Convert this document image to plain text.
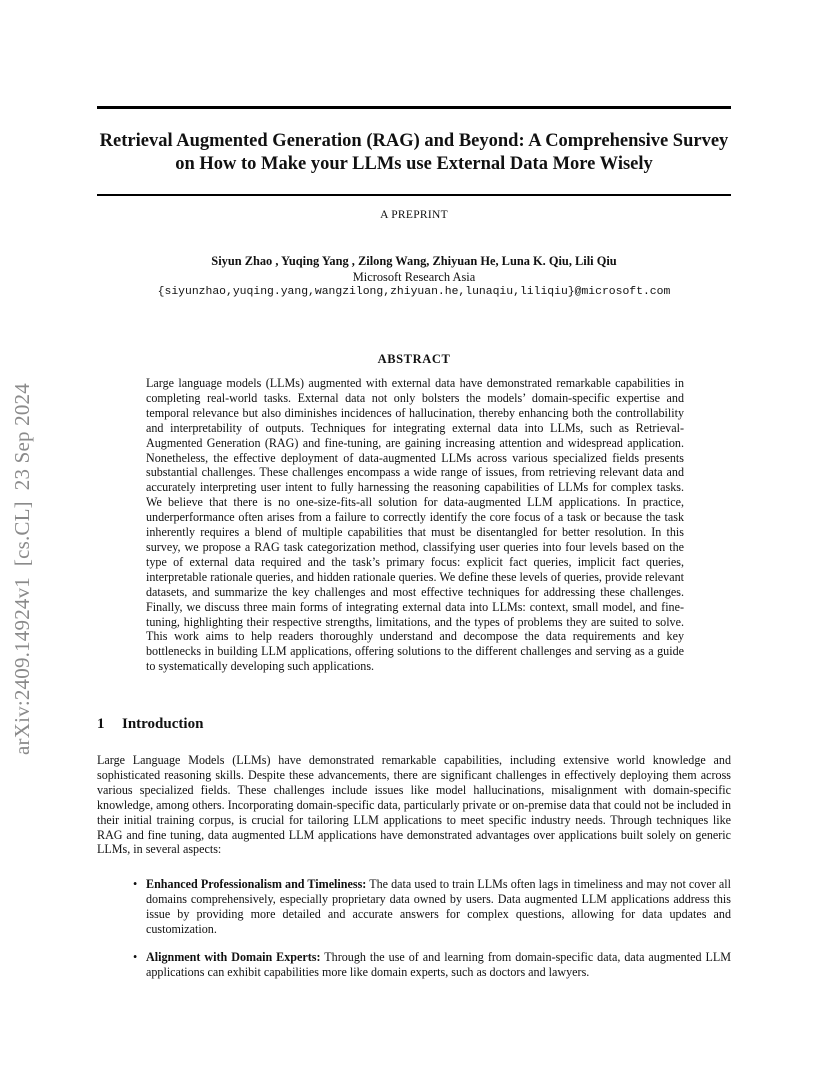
arXiv:2409.14924v1  [cs.CL]  23 Sep 2024
Retrieval Augmented Generation (RAG) and Beyond: A Comprehensive Survey on How to Make your LLMs use External Data More Wisely
A PREPRINT
Siyun Zhao , Yuqing Yang , Zilong Wang, Zhiyuan He, Luna K. Qiu, Lili Qiu
Microsoft Research Asia
{siyunzhao,yuqing.yang,wangzilong,zhiyuan.he,lunaqiu,liliqiu}@microsoft.com
ABSTRACT

Large language models (LLMs) augmented with external data have demonstrated remarkable capabilities in completing real-world tasks. External data not only bolsters the models’ domain-specific expertise and temporal relevance but also diminishes incidences of hallucination, thereby enhancing both the controllability and interpretability of outputs. Techniques for integrating external data into LLMs, such as Retrieval-Augmented Generation (RAG) and fine-tuning, are gaining increasing attention and widespread application. Nonetheless, the effective deployment of data-augmented LLMs across various specialized fields presents substantial challenges. These challenges encompass a wide range of issues, from retrieving relevant data and accurately interpreting user intent to fully harnessing the reasoning capabilities of LLMs for complex tasks. We believe that there is no one-size-fits-all solution for data-augmented LLM applications. In practice, underperformance often arises from a failure to correctly identify the core focus of a task or because the task inherently requires a blend of multiple capabilities that must be disentangled for better resolution. In this survey, we propose a RAG task categorization method, classifying user queries into four levels based on the type of external data required and the task’s primary focus: explicit fact queries, implicit fact queries, interpretable rationale queries, and hidden rationale queries. We define these levels of queries, provide relevant datasets, and summarize the key challenges and most effective techniques for addressing these challenges. Finally, we discuss three main forms of integrating external data into LLMs: context, small model, and fine-tuning, highlighting their respective strengths, limitations, and the types of problems they are suited to solve. This work aims to help readers thoroughly understand and decompose the data requirements and key bottlenecks in building LLM applications, offering solutions to the different challenges and serving as a guide to systematically developing such applications.

1 Introduction

Large Language Models (LLMs) have demonstrated remarkable capabilities, including extensive world knowledge and sophisticated reasoning skills. Despite these advancements, there are significant challenges in effectively deploying them across various specialized fields. These challenges include issues like model hallucinations, misalignment with domain-specific knowledge, among others. Incorporating domain-specific data, particularly private or on-premise data that could not be included in their initial training corpus, is crucial for tailoring LLM applications to meet specific industry needs. Through techniques like RAG and fine tuning, data augmented LLM applications have demonstrated advantages over applications built solely on generic LLMs, in several aspects:

• Enhanced Professionalism and Timeliness: The data used to train LLMs often lags in timeliness and may not cover all domains comprehensively, especially proprietary data owned by users. Data augmented LLM applications address this issue by providing more detailed and accurate answers for complex questions, allowing for data updates and customization.
• Alignment with Domain Experts: Through the use of and learning from domain-specific data, data augmented LLM applications can exhibit capabilities more like domain experts, such as doctors and lawyers.
